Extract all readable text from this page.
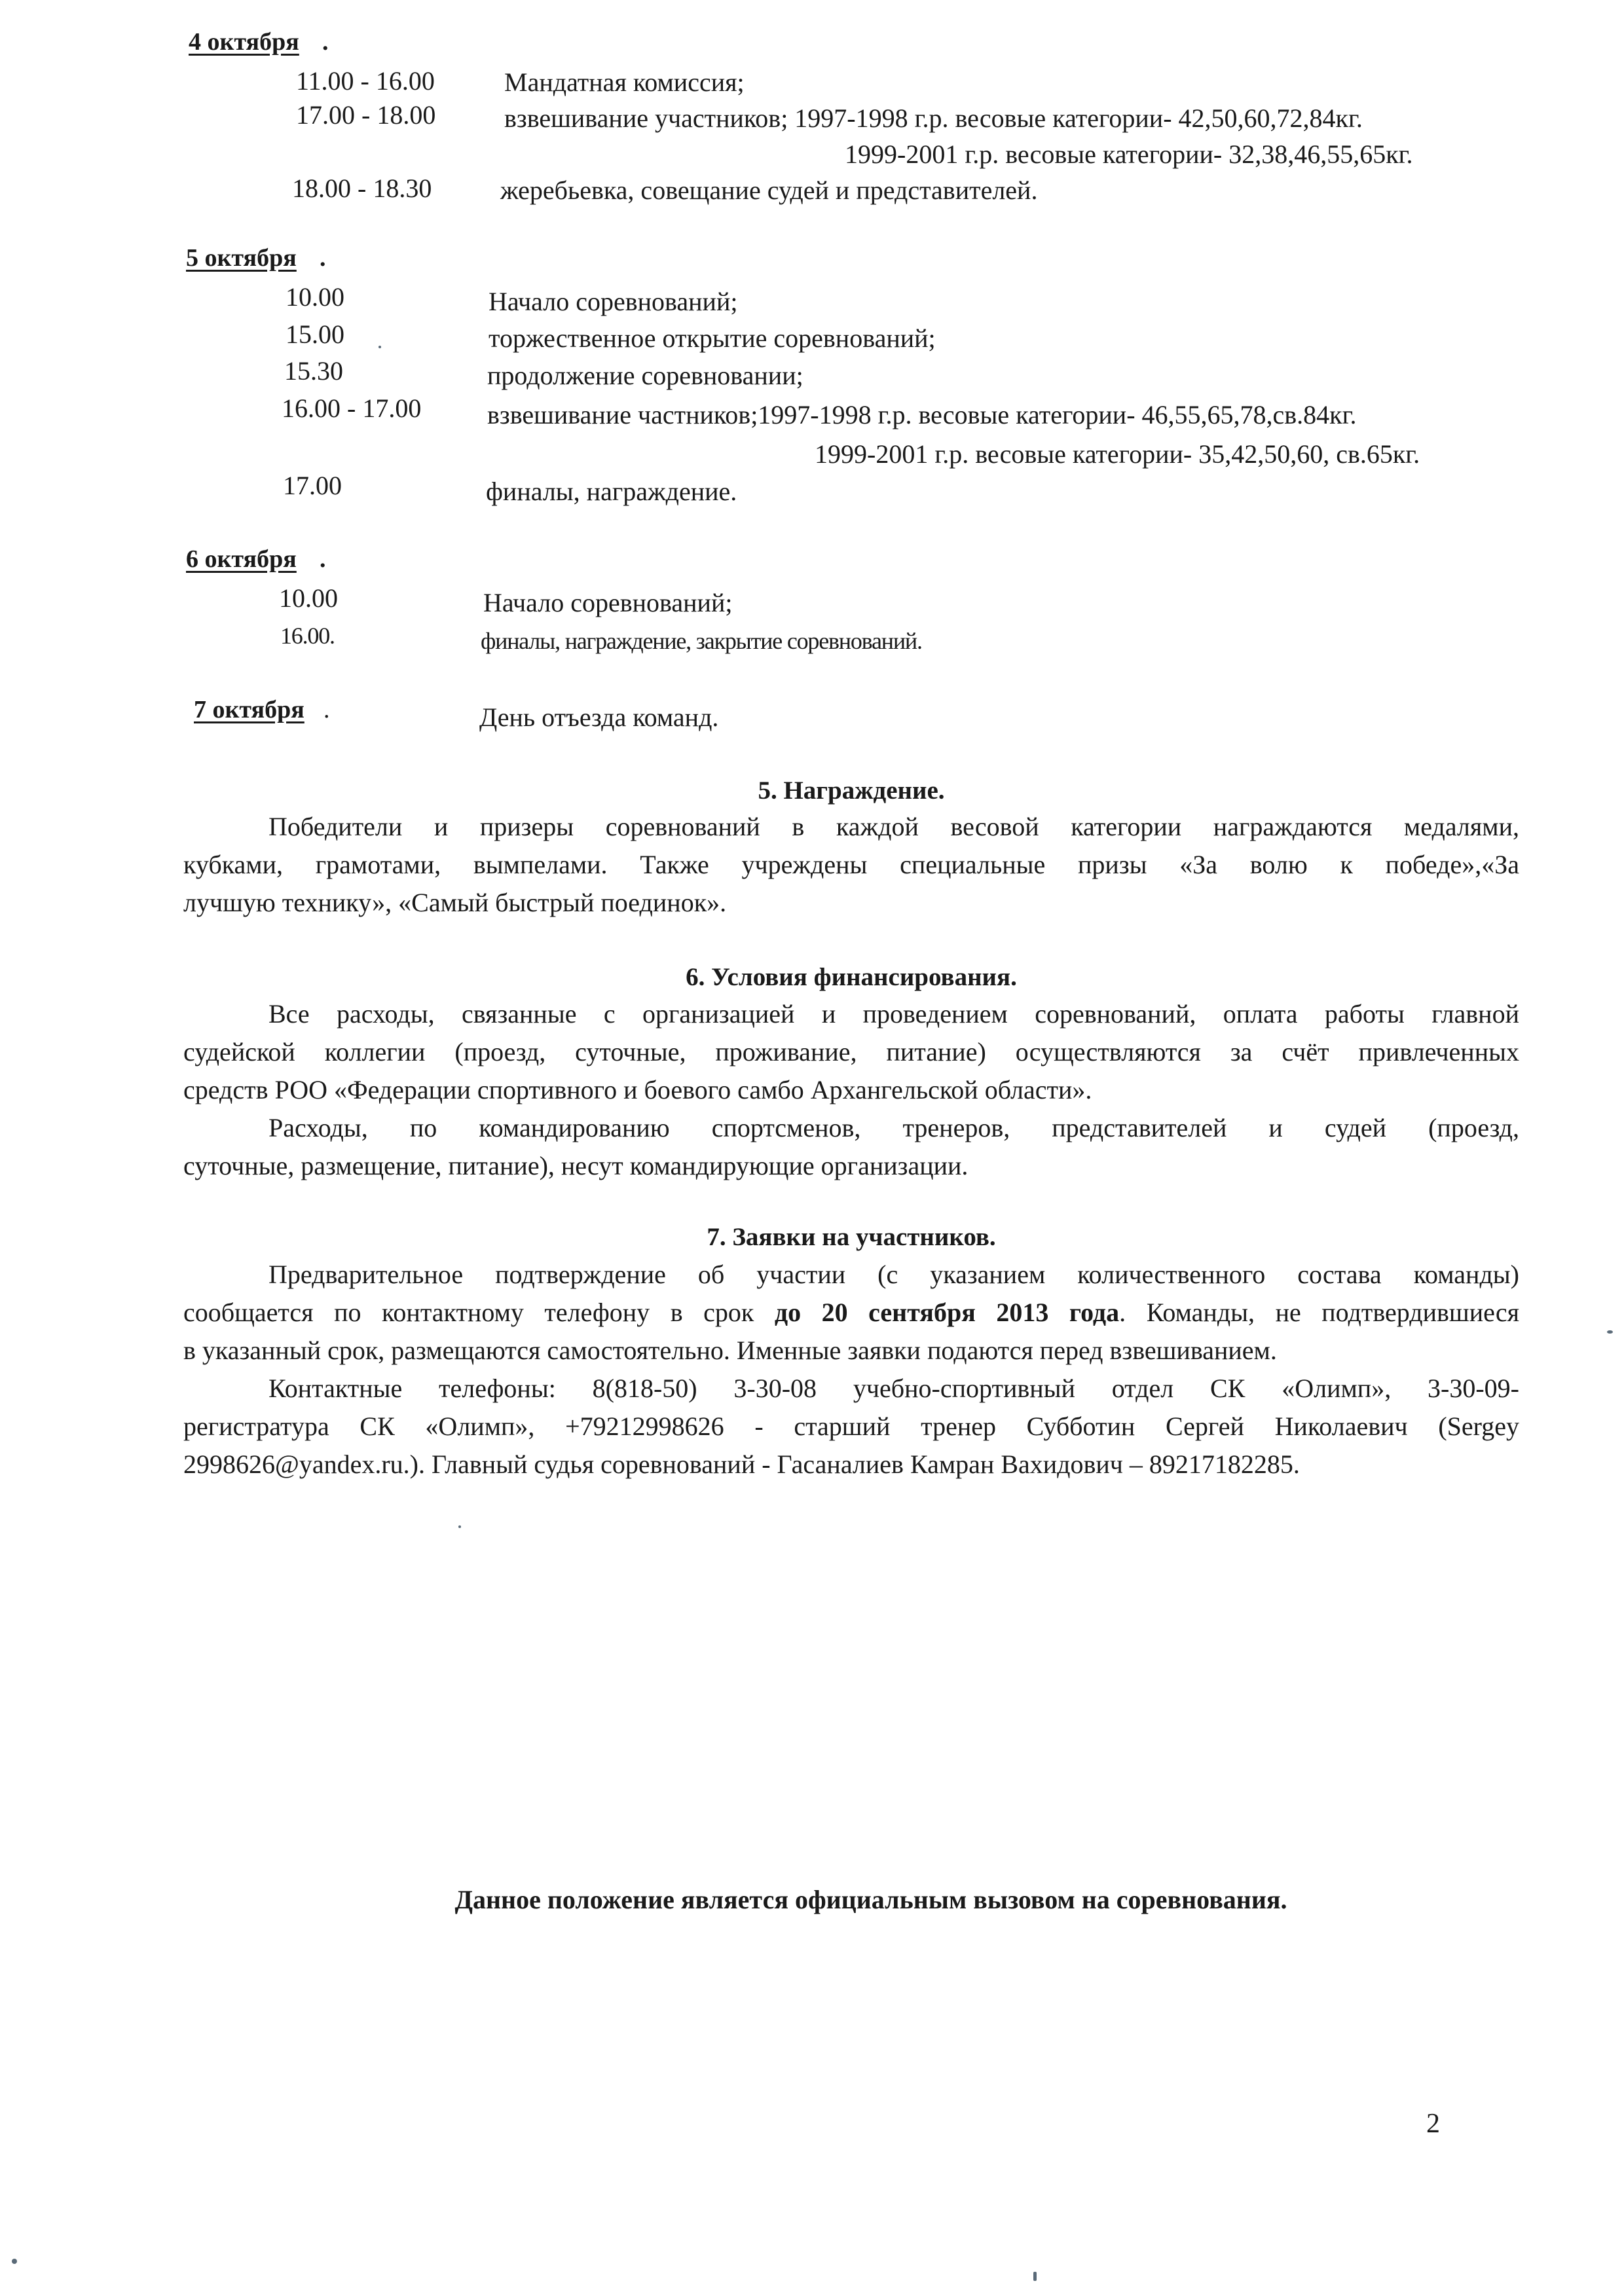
4 октября .
11.00 - 16.00	Мандатная комиссия;
17.00 - 18.00	взвешивание участников; 1997-1998 г.р. весовые категории- 42,50,60,72,84кг.
1999-2001 г.р. весовые категории- 32,38,46,55,65кг.
18.00 - 18.30	жеребьевка, совещание судей и представителей.
5 октября .
10.00	Начало соревнований;
15.00	торжественное открытие соревнований;
15.30	продолжение соревновании;
16.00 - 17.00	взвешивание частников;1997-1998 г.р. весовые категории- 46,55,65,78,св.84кг.
1999-2001 г.р. весовые категории- 35,42,50,60, св.65кг.
17.00	финалы, награждение.
6 октября .
10.00	Начало соревнований;
16.00.	финалы, награждение, закрытие соревнований.
7 октября .	День отъезда команд.
5. Награждение.
Победители и призеры соревнований в каждой весовой категории награждаются медалями,
кубками, грамотами, вымпелами. Также учреждены специальные призы «За волю к победе»,«За
лучшую технику», «Самый быстрый поединок».
6. Условия финансирования.
Все расходы, связанные с организацией и проведением соревнований, оплата работы главной
судейской коллегии (проезд, суточные, проживание, питание) осуществляются за счёт привлеченных
средств РОО «Федерации спортивного и боевого самбо Архангельской области».
Расходы, по командированию спортсменов, тренеров, представителей и судей (проезд,
суточные, размещение, питание), несут командирующие организации.
7. Заявки на участников.
Предварительное подтверждение об участии (с указанием количественного состава команды)
сообщается по контактному телефону в срок до 20 сентября 2013 года. Команды, не подтвердившиеся
в указанный срок, размещаются самостоятельно. Именные заявки подаются перед взвешиванием.
Контактные телефоны: 8(818-50) 3-30-08 учебно-спортивный отдел СК «Олимп», 3-30-09-
регистратура СК «Олимп», +79212998626 - старший тренер Субботин Сергей Николаевич (Sergey
2998626@yandex.ru.). Главный судья соревнований - Гасаналиев Камран Вахидович – 89217182285.
Данное положение является официальным вызовом на соревнования.
2
